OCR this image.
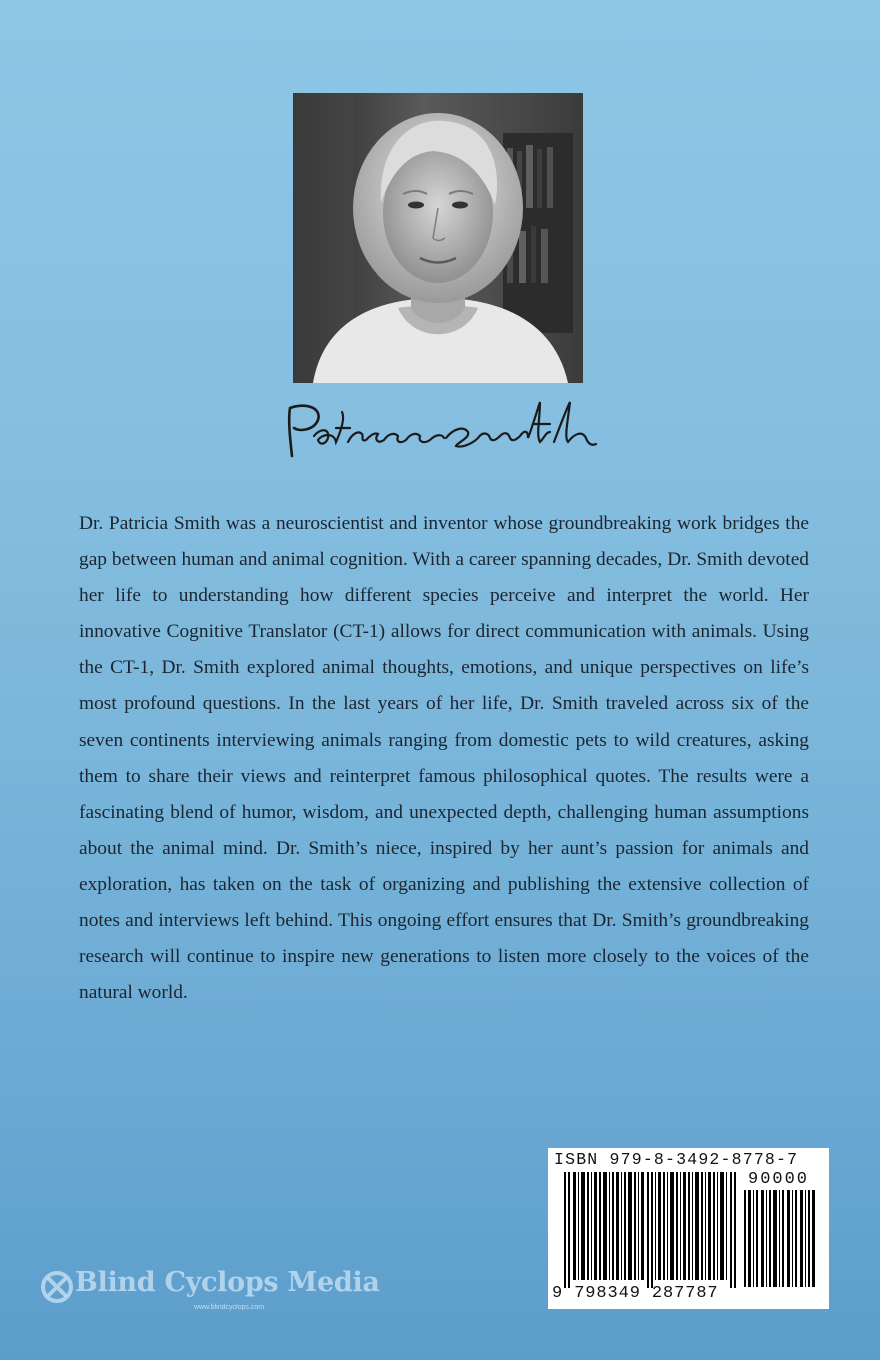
Dr. Patricia Smith was a neuroscientist and inventor whose groundbreaking work bridges the gap between human and animal cognition. With a career spanning decades, Dr. Smith devoted her life to understanding how different species perceive and interpret the world. Her innovative Cognitive Translator (CT-1) allows for direct communication with animals. Using the CT-1, Dr. Smith explored animal thoughts, emotions, and unique perspectives on life’s most profound questions. In the last years of her life, Dr. Smith traveled across six of the seven continents interviewing animals ranging from domestic pets to wild creatures, asking them to share their views and reinterpret famous philosophical quotes. The results were a fascinating blend of humor, wisdom, and unexpected depth, challenging human assumptions about the animal mind. Dr. Smith’s niece, inspired by her aunt’s passion for animals and exploration, has taken on the task of organizing and publishing the extensive collection of notes and interviews left behind. This ongoing effort ensures that Dr. Smith’s groundbreaking research will continue to inspire new generations to listen more closely to the voices of the natural world.

ISBN 979-8-3492-8778-7
90000
9 798349 287787
Blind Cyclops Media
www.blindcyclops.com
